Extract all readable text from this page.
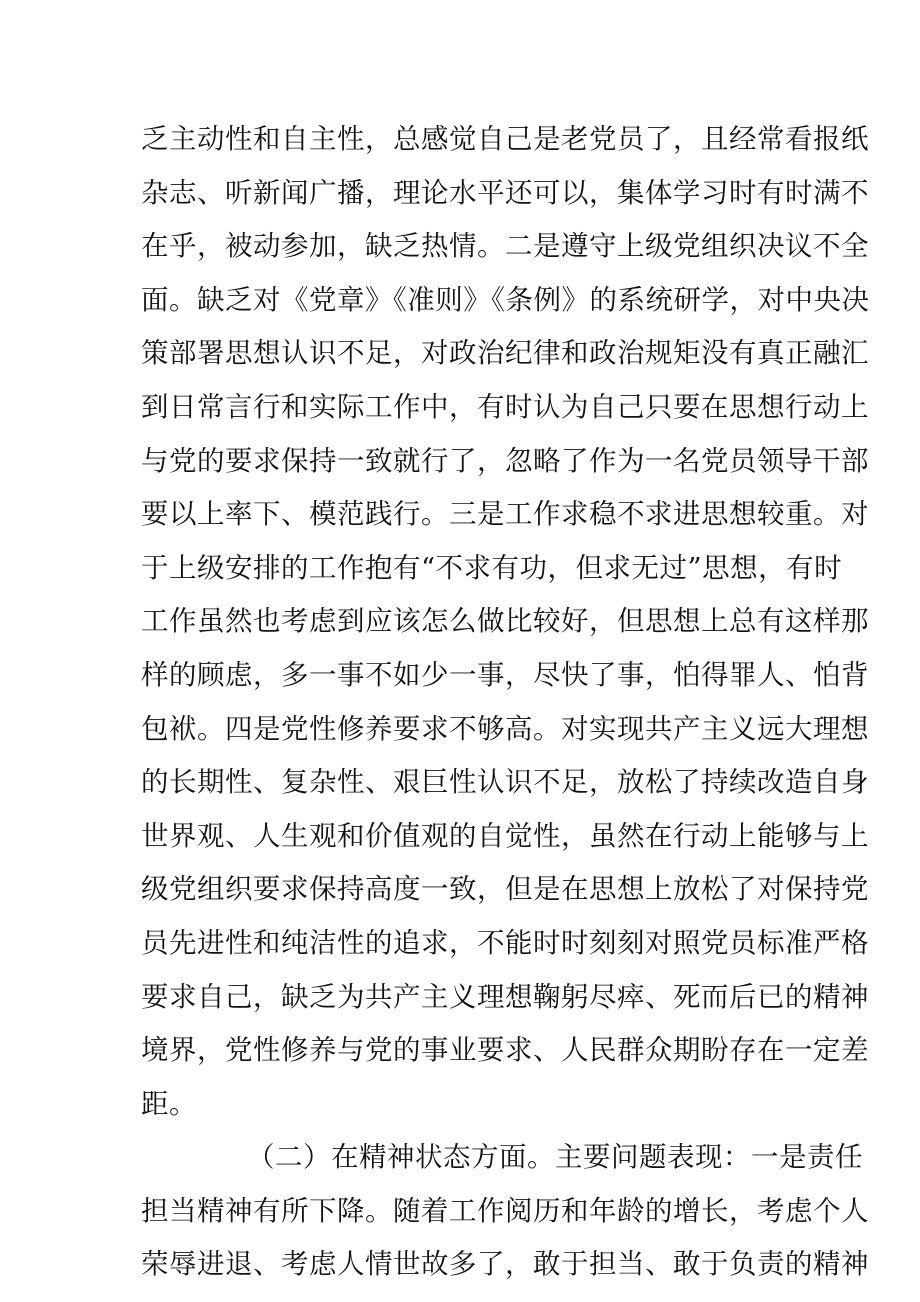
乏主动性和自主性，总感觉自己是老党员了，且经常看报纸
杂志、听新闻广播，理论水平还可以，集体学习时有时满不
在乎，被动参加，缺乏热情。二是遵守上级党组织决议不全
面。缺乏对《党章》《准则》《条例》的系统研学，对中央决
策部署思想认识不足，对政治纪律和政治规矩没有真正融汇
到日常言行和实际工作中，有时认为自己只要在思想行动上
与党的要求保持一致就行了，忽略了作为一名党员领导干部
要以上率下、模范践行。三是工作求稳不求进思想较重。对
于上级安排的工作抱有“不求有功，但求无过”思想，有时
工作虽然也考虑到应该怎么做比较好，但思想上总有这样那
样的顾虑，多一事不如少一事，尽快了事，怕得罪人、怕背
包袱。四是党性修养要求不够高。对实现共产主义远大理想
的长期性、复杂性、艰巨性认识不足，放松了持续改造自身
世界观、人生观和价值观的自觉性，虽然在行动上能够与上
级党组织要求保持高度一致，但是在思想上放松了对保持党
员先进性和纯洁性的追求，不能时时刻刻对照党员标准严格
要求自己，缺乏为共产主义理想鞠躬尽瘁、死而后已的精神
境界，党性修养与党的事业要求、人民群众期盼存在一定差
距。
（二）在精神状态方面。主要问题表现：一是责任
担当精神有所下降。随着工作阅历和年龄的增长，考虑个人
荣辱进退、考虑人情世故多了，敢于担当、敢于负责的精神
